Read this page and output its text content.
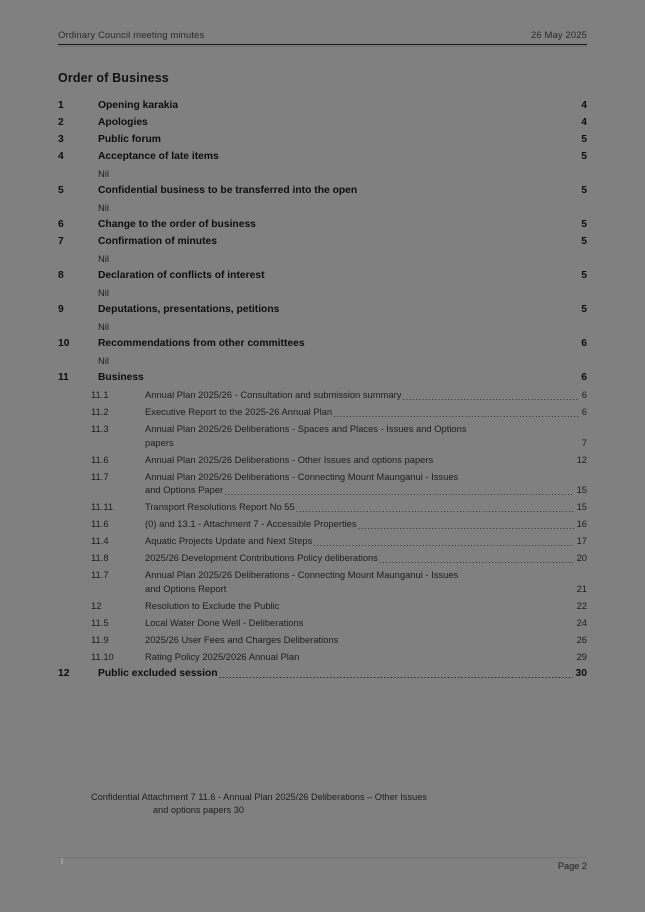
Ordinary Council meeting minutes	26 May 2025
Order of Business
1	Opening karakia .....	4
2	Apologies .....	4
3	Public forum .....	5
4	Acceptance of late items .....	5
Nil
5	Confidential business to be transferred into the open .....	5
Nil
6	Change to the order of business .....	5
7	Confirmation of minutes .....	5
Nil
8	Declaration of conflicts of interest .....	5
Nil
9	Deputations, presentations, petitions .....	5
Nil
10	Recommendations from other committees .....	6
Nil
11	Business .....	6
11.1	Annual Plan 2025/26 - Consultation and submission summary .....	6
11.2	Executive Report to the 2025-26 Annual Plan .....	6
11.3	Annual Plan 2025/26 Deliberations - Spaces and Places - Issues and Options
papers .....	7
11.6	Annual Plan 2025/26 Deliberations - Other Issues and options papers .....	12
11.7	Annual Plan 2025/26 Deliberations - Connecting Mount Maunganui - Issues
and Options Paper .....	15
11.11	Transport Resolutions Report No 55 .....	15
11.6	(0) and 13.1 - Attachment 7 - Accessible Properties .....	16
11.4	Aquatic Projects Update and Next Steps .....	17
11.8	2025/26 Development Contributions Policy deliberations .....	20
11.7	Annual Plan 2025/26 Deliberations - Connecting Mount Maunganui - Issues
and Options Report .....	21
12	Resolution to Exclude the Public .....	22
11.5	Local Water Done Well - Deliberations .....	24
11.9	2025/26 User Fees and Charges Deliberations .....	26
11.10	Rating Policy 2025/2026 Annual Plan .....	29
12	Public excluded session .....	30
Confidential Attachment 7 11.6 - Annual Plan 2025/26 Deliberations – Other Issues
and options papers 30
Page 2
